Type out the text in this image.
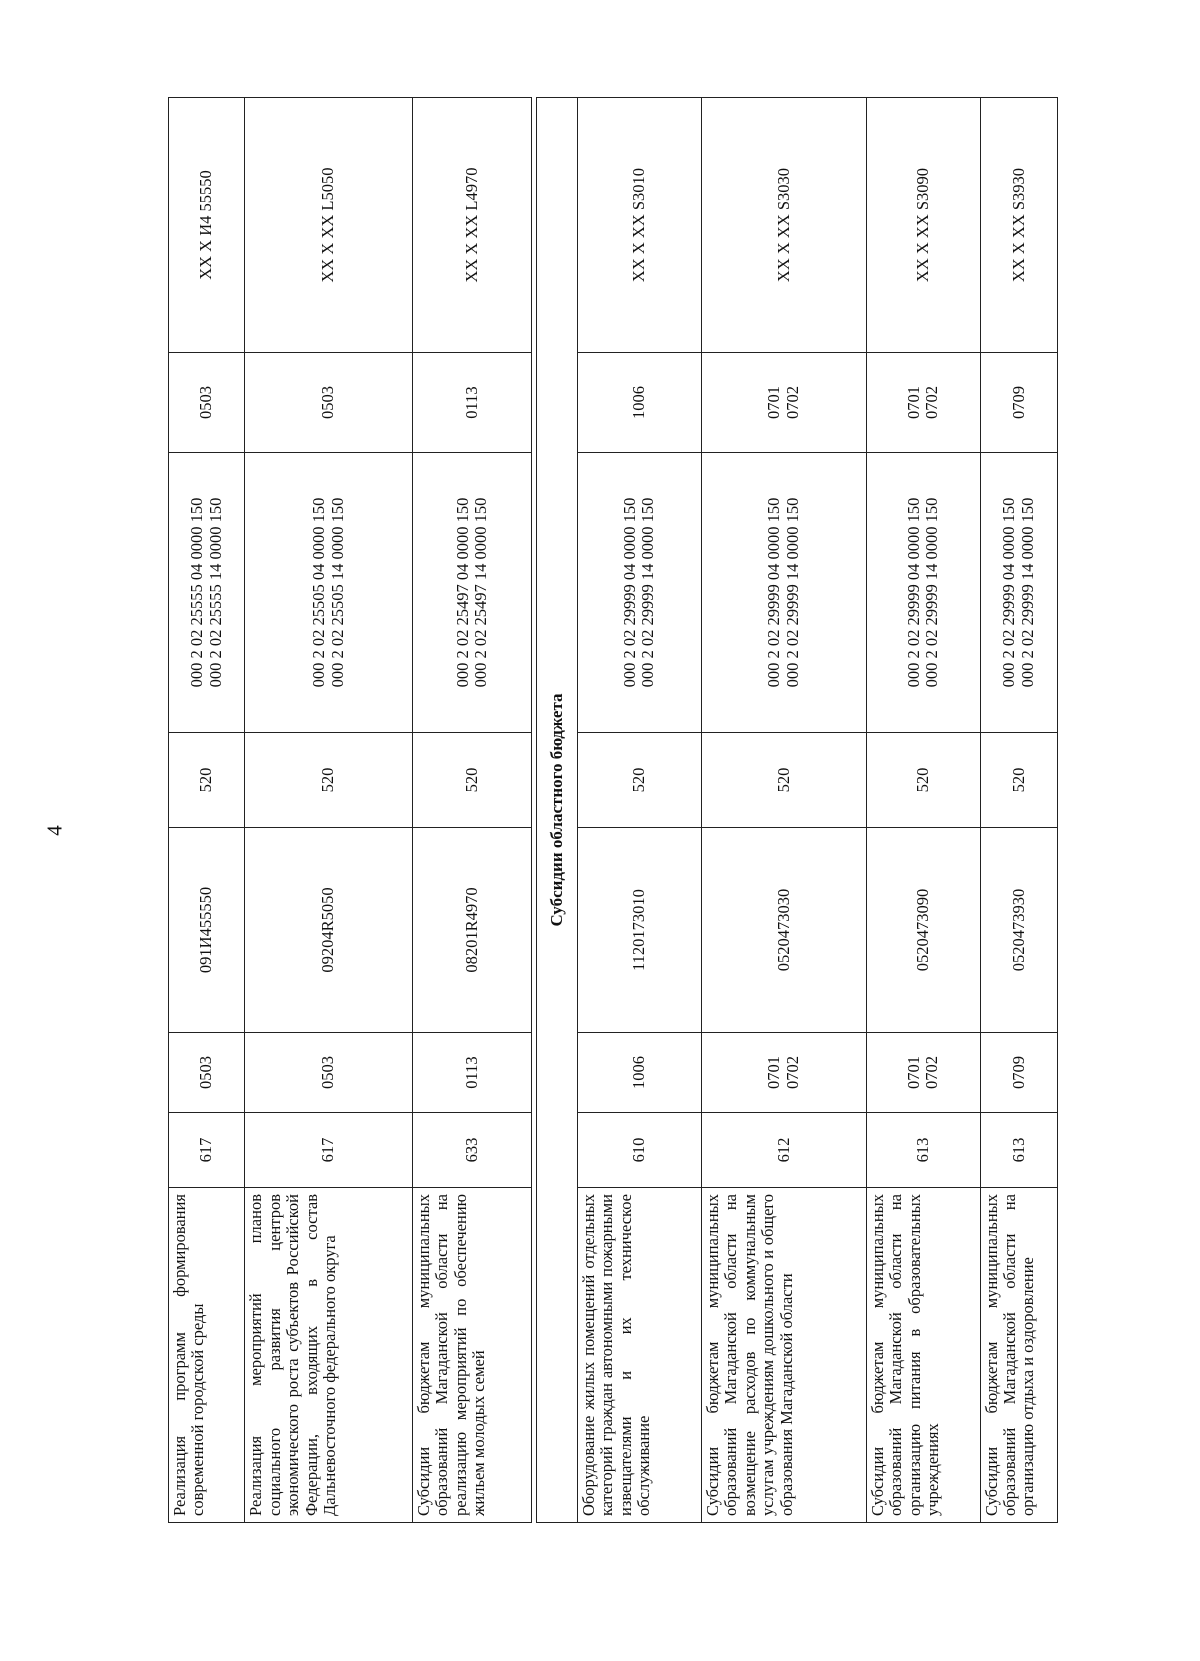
4
Реализация программ формирования современной городской среды	617	0503	091И455550	520	000 2 02 25555 04 0000 150 000 2 02 25555 14 0000 150	0503	XX X И4 55550
Реализация мероприятий планов социального развития центров экономического роста субъектов Российской Федерации, входящих в состав Дальневосточного федерального округа	617	0503	09204R5050	520	000 2 02 25505 04 0000 150 000 2 02 25505 14 0000 150	0503	XX X XX L5050
Субсидии бюджетам муниципальных образований Магаданской области на реализацию мероприятий по обеспечению жильем молодых семей	633	0113	08201R4970	520	000 2 02 25497 04 0000 150 000 2 02 25497 14 0000 150	0113	XX X XX L4970

Субсидии областного бюджета							
Оборудование жилых помещений отдельных категорий граждан автономными пожарными извещателями и их техническое обслуживание	610	1006	1120173010	520	000 2 02 29999 04 0000 150 000 2 02 29999 14 0000 150	1006	XX X XX S3010
Субсидии бюджетам муниципальных образований Магаданской области на возмещение расходов по коммунальным услугам учреждениям дошкольного и общего образования Магаданской области	612	0701 0702	0520473030	520	000 2 02 29999 04 0000 150 000 2 02 29999 14 0000 150	0701 0702	XX X XX S3030
Субсидии бюджетам муниципальных образований Магаданской области на организацию питания в образовательных учреждениях	613	0701 0702	0520473090	520	000 2 02 29999 04 0000 150 000 2 02 29999 14 0000 150	0701 0702	XX X XX S3090
Субсидии бюджетам муниципальных образований Магаданской области на организацию отдыха и оздоровление	613	0709	0520473930	520	000 2 02 29999 04 0000 150 000 2 02 29999 14 0000 150	0709	XX X XX S3930
